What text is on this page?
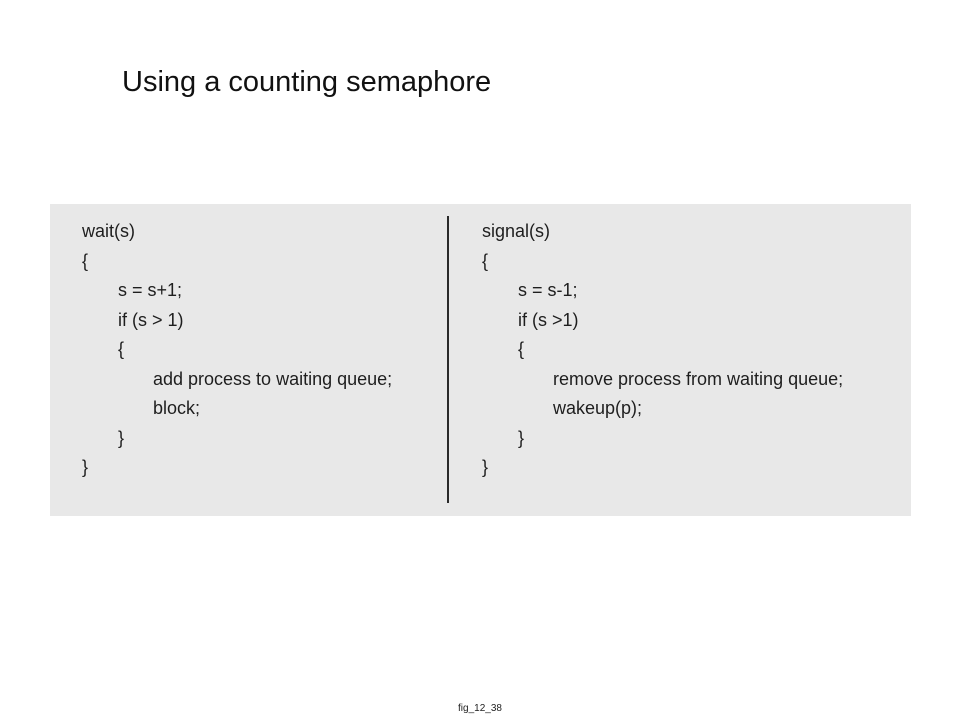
Using a counting semaphore
wait(s)
{
s = s+1;
if (s > 1)
{
add process to waiting queue;
block;
}
}
signal(s)
{
s = s-1;
if (s >1)
{
remove process from waiting queue;
wakeup(p);
}
}
fig_12_38
